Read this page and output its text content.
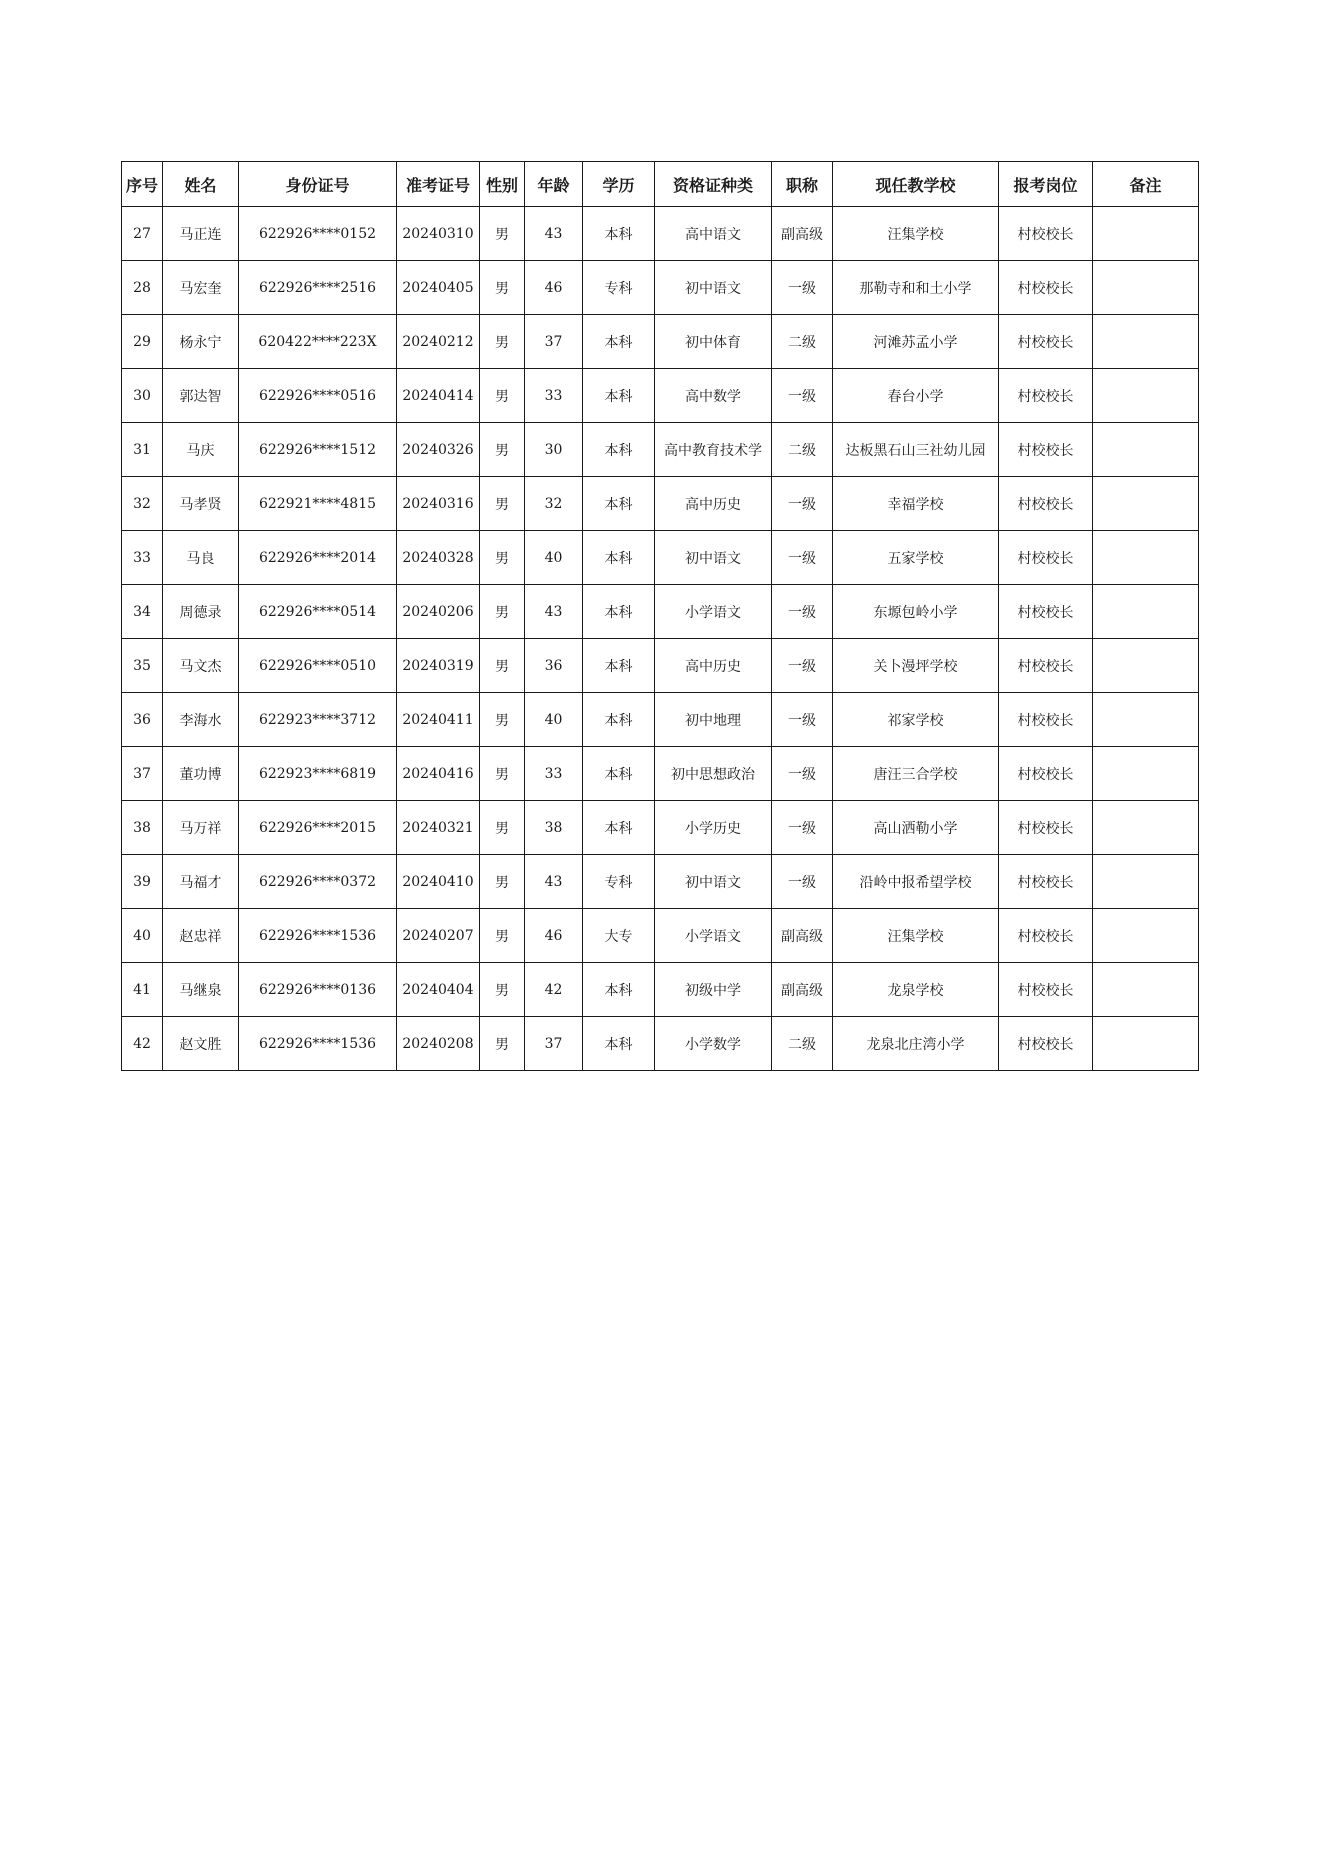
序号	姓名	身份证号	准考证号	性别	年龄	学历	资格证种类	职称	现任教学校	报考岗位	备注
27	马正连	622926****0152	20240310	男	43	本科	高中语文	副高级	汪集学校	村校校长	
28	马宏奎	622926****2516	20240405	男	46	专科	初中语文	一级	那勒寺和和土小学	村校校长	
29	杨永宁	620422****223X	20240212	男	37	本科	初中体育	二级	河滩苏孟小学	村校校长	
30	郭达智	622926****0516	20240414	男	33	本科	高中数学	一级	春台小学	村校校长	
31	马庆	622926****1512	20240326	男	30	本科	高中教育技术学	二级	达板黑石山三社幼儿园	村校校长	
32	马孝贤	622921****4815	20240316	男	32	本科	高中历史	一级	幸福学校	村校校长	
33	马良	622926****2014	20240328	男	40	本科	初中语文	一级	五家学校	村校校长	
34	周德录	622926****0514	20240206	男	43	本科	小学语文	一级	东塬包岭小学	村校校长	
35	马文杰	622926****0510	20240319	男	36	本科	高中历史	一级	关卜漫坪学校	村校校长	
36	李海水	622923****3712	20240411	男	40	本科	初中地理	一级	祁家学校	村校校长	
37	董功博	622923****6819	20240416	男	33	本科	初中思想政治	一级	唐汪三合学校	村校校长	
38	马万祥	622926****2015	20240321	男	38	本科	小学历史	一级	高山洒勒小学	村校校长	
39	马福才	622926****0372	20240410	男	43	专科	初中语文	一级	沿岭中报希望学校	村校校长	
40	赵忠祥	622926****1536	20240207	男	46	大专	小学语文	副高级	汪集学校	村校校长	
41	马继泉	622926****0136	20240404	男	42	本科	初级中学	副高级	龙泉学校	村校校长	
42	赵文胜	622926****1536	20240208	男	37	本科	小学数学	二级	龙泉北庄湾小学	村校校长	
